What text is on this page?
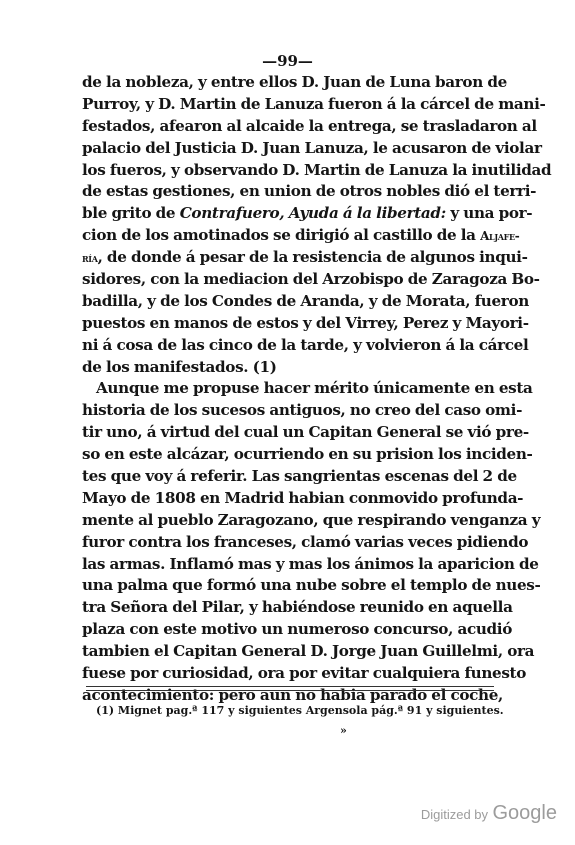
—99—
de la nobleza, y entre ellos D. Juan de Luna baron de
Purroy, y D. Martin de Lanuza fueron á la cárcel de mani-
festados, afearon al alcaide la entrega, se trasladaron al
palacio del Justicia D. Juan Lanuza, le acusaron de violar
los fueros, y observando D. Martin de Lanuza la inutilidad
de estas gestiones, en union de otros nobles dió el terri-
ble grito de Contrafuero, Ayuda á la libertad: y una por-
cion de los amotinados se dirigió al castillo de la Aljafe-
ría, de donde á pesar de la resistencia de algunos inqui-
sidores, con la mediacion del Arzobispo de Zaragoza Bo-
badilla, y de los Condes de Aranda, y de Morata, fueron
puestos en manos de estos y del Virrey, Perez y Mayori-
ni á cosa de las cinco de la tarde, y volvieron á la cárcel
de los manifestados. (1)
Aunque me propuse hacer mérito únicamente en esta
historia de los sucesos antiguos, no creo del caso omi-
tir uno, á virtud del cual un Capitan General se vió pre-
so en este alcázar, ocurriendo en su prision los inciden-
tes que voy á referir. Las sangrientas escenas del 2 de
Mayo de 1808 en Madrid habian conmovido profunda-
mente al pueblo Zaragozano, que respirando venganza y
furor contra los franceses, clamó varias veces pidiendo
las armas. Inflamó mas y mas los ánimos la aparicion de
una palma que formó una nube sobre el templo de nues-
tra Señora del Pilar, y habiéndose reunido en aquella
plaza con este motivo un numeroso concurso, acudió
tambien el Capitan General D. Jorge Juan Guillelmi, ora
fuese por curiosidad, ora por evitar cualquiera funesto
acontecimiento: pero aun no habia parado el coche,
(1) Mignet pag.ª 117 y siguientes Argensola pág.ª 91 y siguientes.
»
Digitized by Google
